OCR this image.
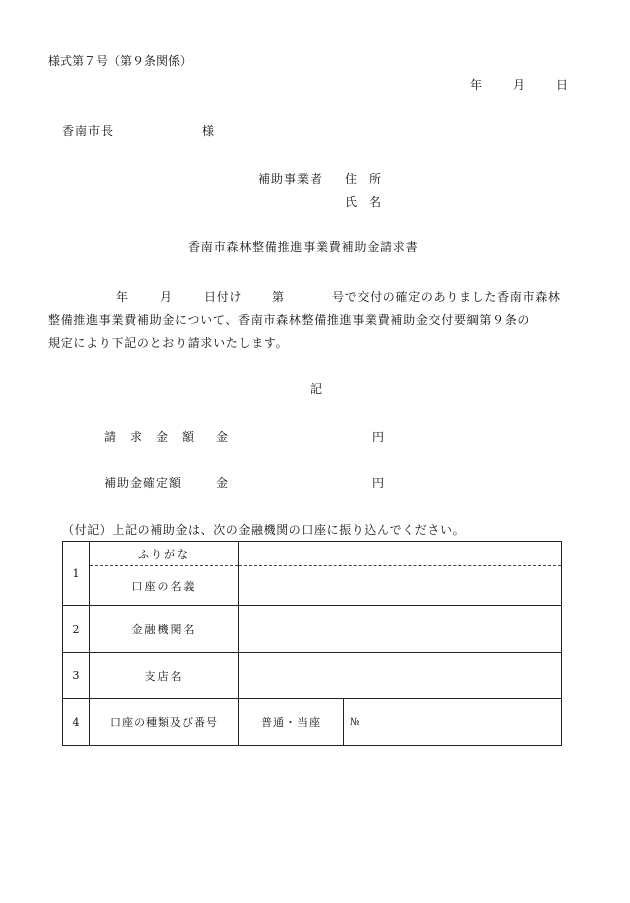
様式第７号（第９条関係）
年	月	日
香南市長	様
補助事業者 住　所
氏　名
香南市森林整備推進事業費補助金請求書
年	月	日付け 第	号で交付の確定のありました香南市森林
整備推進事業費補助金について、香南市森林整備推進事業費補助金交付要綱第９条の
規定により下記のとおり請求いたします。
記
請　求　金　額 金	円
補助金確定額	金	円
（付記）上記の補助金は、次の金融機関の口座に振り込んでください。
1	ふりがな	
	口座の名義	
2	金融機関名	
3	支店名	
4	口座の種類及び番号	普通・当座 №
